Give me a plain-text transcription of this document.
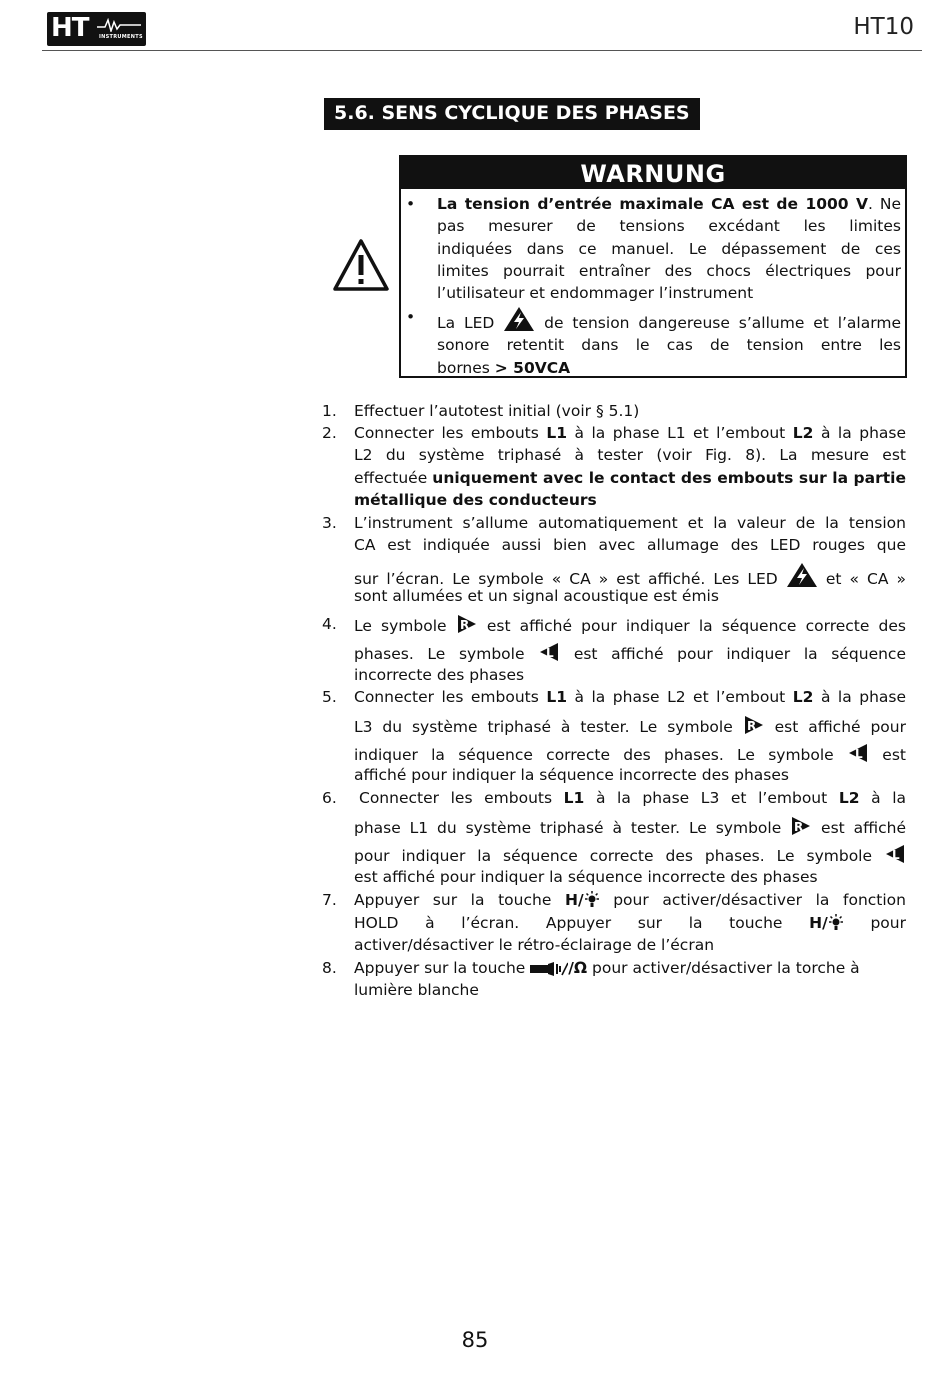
HT INSTRUMENTS	HT10
5.6. SENS CYCLIQUE DES PHASES
WARNUNG
• La tension d’entrée maximale CA est de 1000 V. Ne
pas mesurer de tensions excédant les limites
indiquées dans ce manuel. Le dépassement de ces
limites pourrait entraîner des chocs électriques pour
l’utilisateur et endommager l’instrument
• La LED	de tension dangereuse s’allume et l’alarme
sonore retentit dans le cas de tension entre les
bornes > 50VCA
1. Effectuer l’autotest initial (voir § 5.1)
2. Connecter les embouts L1 à la phase L1 et l’embout L2 à la phase
L2 du système triphasé à tester (voir Fig. 8). La mesure est
effectuée uniquement avec le contact des embouts sur la partie
métallique des conducteurs
3. L’instrument s’allume automatiquement et la valeur de la tension
CA est indiquée aussi bien avec allumage des LED rouges que
sur l’écran. Le symbole « CA » est affiché. Les LED	et « CA »
sont allumées et un signal acoustique est émis
4. Le symbole R est affiché pour indiquer la séquence correcte des
phases. Le symbole L est affiché pour indiquer la séquence
incorrecte des phases
5. Connecter les embouts L1 à la phase L2 et l’embout L2 à la phase
L3 du système triphasé à tester. Le symbole R est affiché pour
indiquer la séquence correcte des phases. Le symbole L est
affiché pour indiquer la séquence incorrecte des phases
6. Connecter les embouts L1 à la phase L3 et l’embout L2 à la
phase L1 du système triphasé à tester. Le symbole R est affiché
pour indiquer la séquence correcte des phases. Le symbole L
est affiché pour indiquer la séquence incorrecte des phases
7. Appuyer sur la touche H/ pour activer/désactiver la fonction
HOLD à l’écran. Appuyer sur la touche H/	pour
activer/désactiver le rétro-éclairage de l’écran
8. Appuyer sur la touche	/Ω pour activer/désactiver la torche à
lumière blanche
85
